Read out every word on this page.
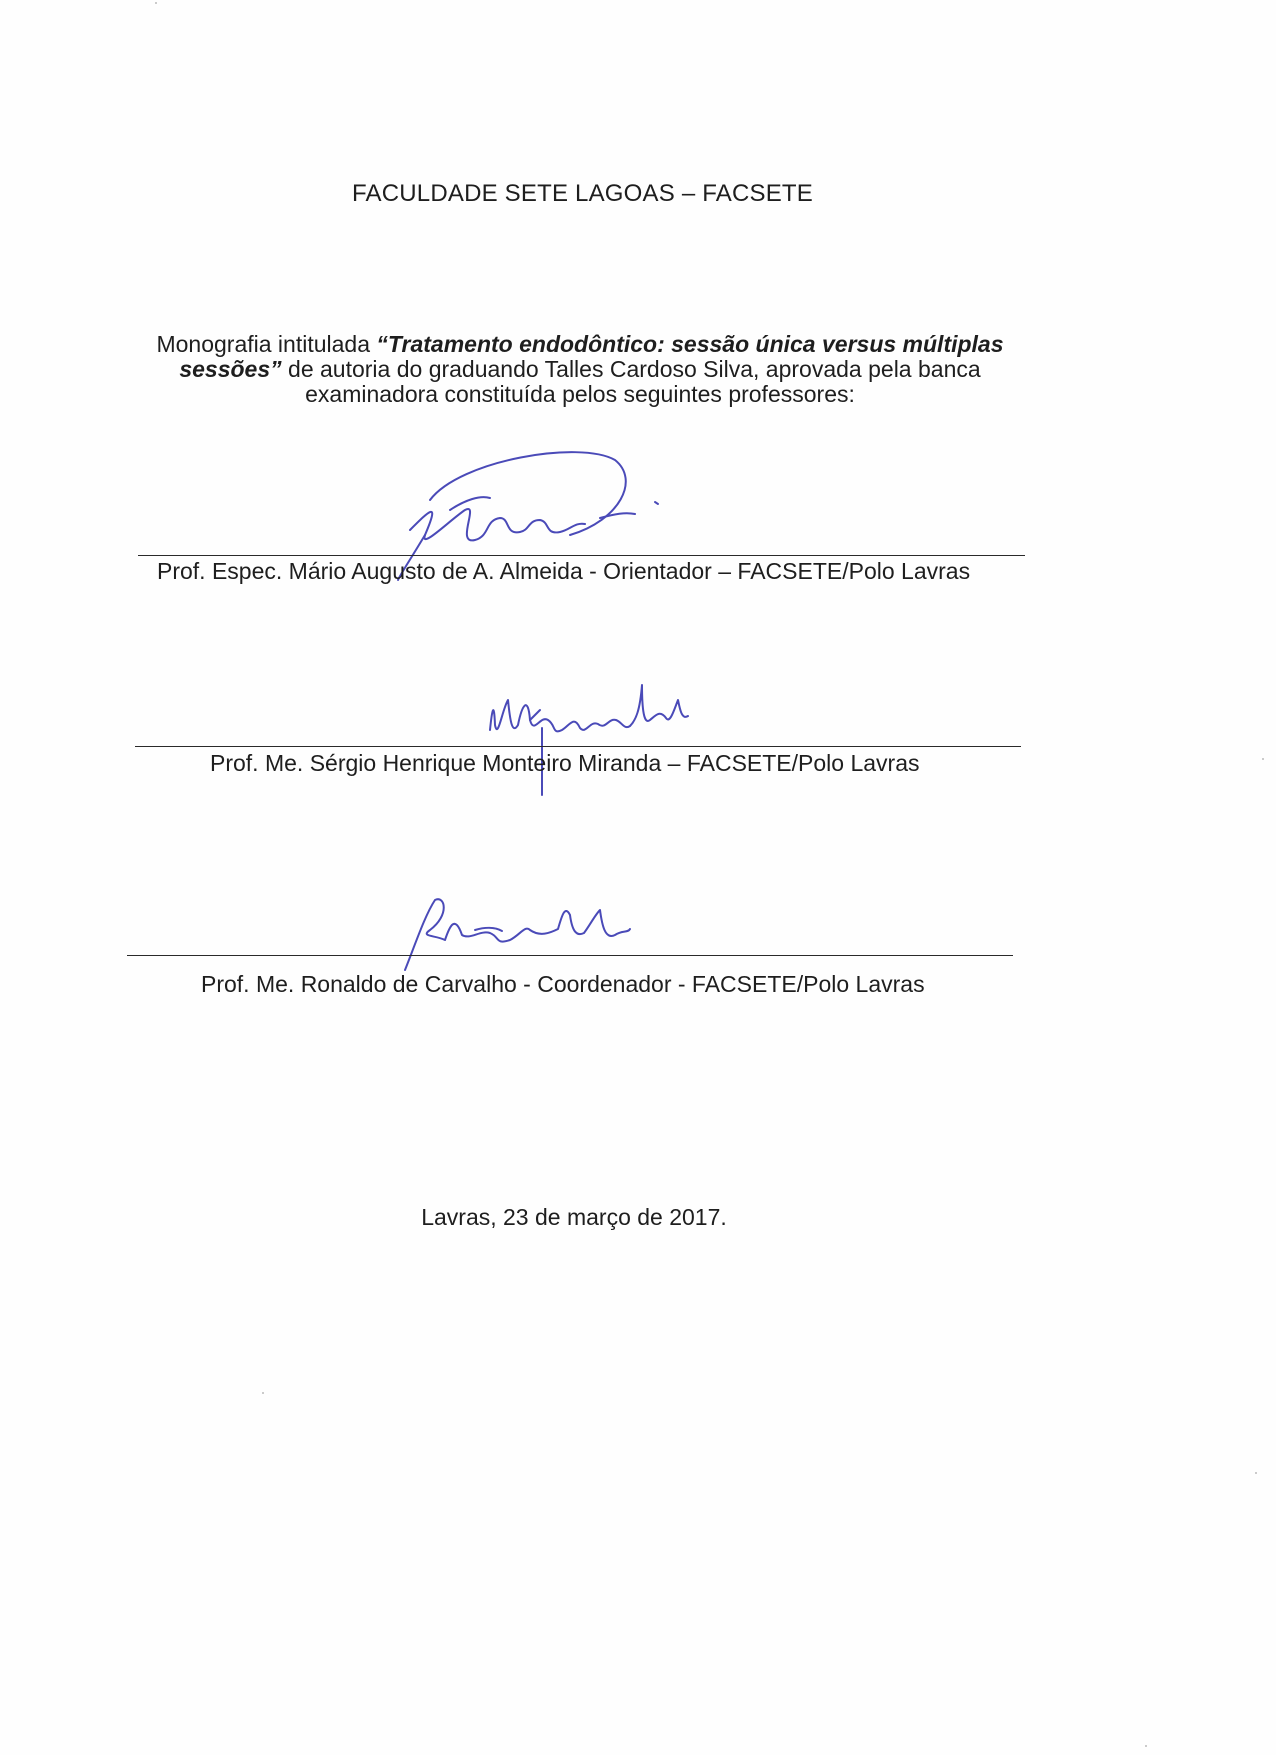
FACULDADE SETE LAGOAS – FACSETE
Monografia intitulada “Tratamento endodôntico: sessão única versus múltiplas sessões” de autoria do graduando Talles Cardoso Silva, aprovada pela banca examinadora constituída pelos seguintes professores:
Prof. Espec. Mário Augusto de A. Almeida - Orientador – FACSETE/Polo Lavras
Prof. Me. Sérgio Henrique Monteiro Miranda – FACSETE/Polo Lavras
Prof. Me. Ronaldo de Carvalho - Coordenador - FACSETE/Polo Lavras
Lavras, 23 de março de 2017.
